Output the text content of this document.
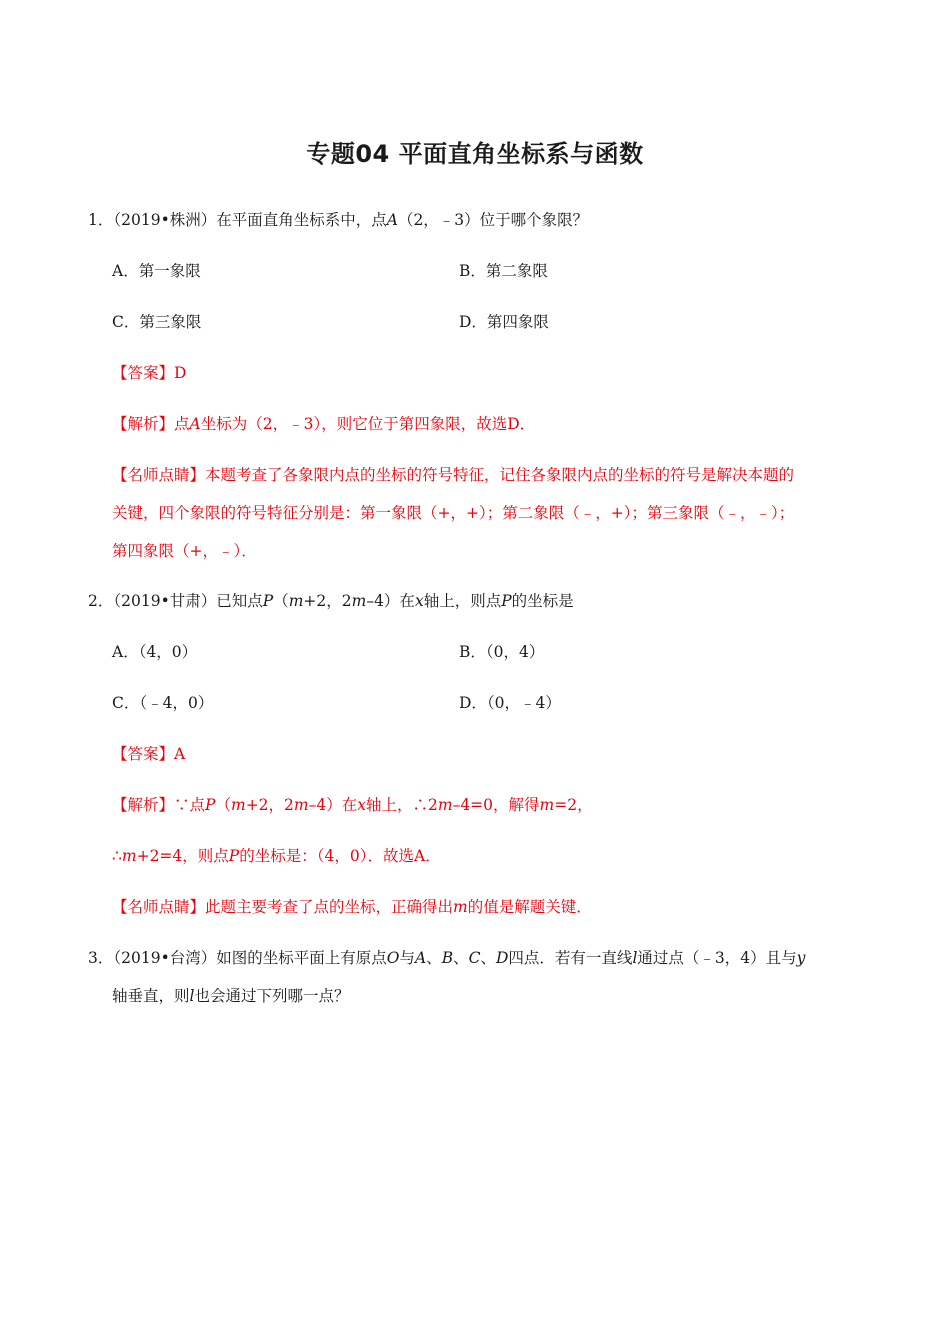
专题04 平面直角坐标系与函数
1．（2019•株洲）在平面直角坐标系中，点A（2，﹣3）位于哪个象限？
A．第一象限	B．第二象限
C．第三象限	D．第四象限
【答案】D
【解析】点A坐标为（2，﹣3），则它位于第四象限，故选D．
【名师点睛】本题考查了各象限内点的坐标的符号特征，记住各象限内点的坐标的符号是解决本题的
关键，四个象限的符号特征分别是：第一象限（+，+）；第二象限（﹣，+）；第三象限（﹣，﹣）；
第四象限（+，﹣）．
2．（2019•甘肃）已知点P（m+2，2m–4）在x轴上，则点P的坐标是
A．（4，0）	B．（0，4）
C．（﹣4，0）	D．（0，﹣4）
【答案】A
【解析】∵点P（m+2，2m–4）在x轴上，∴2m–4=0，解得m=2，
∴m+2=4，则点P的坐标是：（4，0）．故选A．
【名师点睛】此题主要考查了点的坐标，正确得出m的值是解题关键．
3．（2019•台湾）如图的坐标平面上有原点O与A、B、C、D四点．若有一直线l通过点（﹣3，4）且与y
轴垂直，则l也会通过下列哪一点？
